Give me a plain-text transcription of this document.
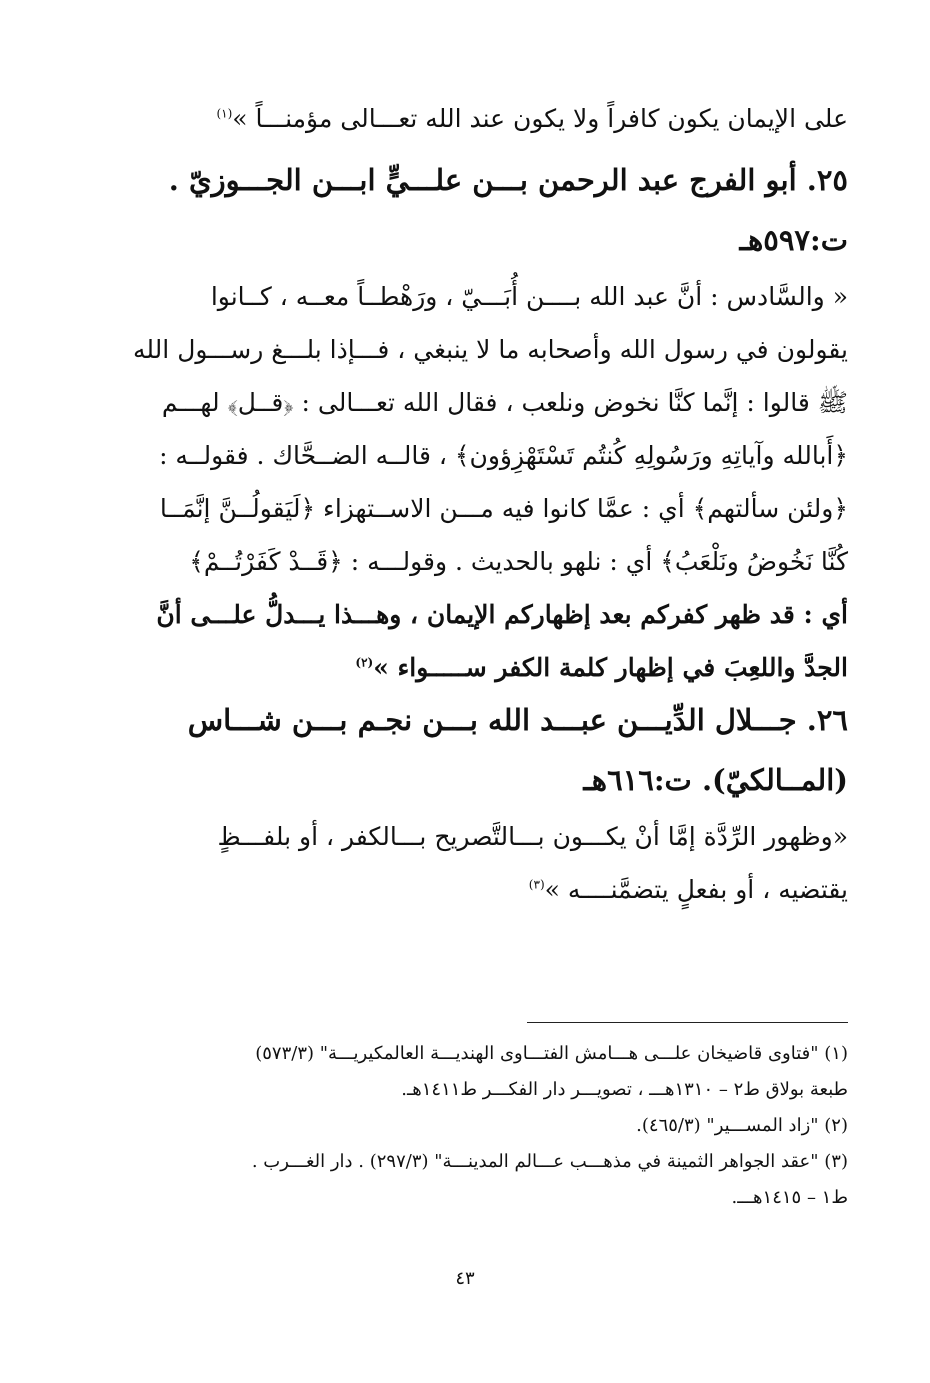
على الإيمان يكون كافراً ولا يكون عند الله تعـــالى مؤمنـــاً »$^{(١)}$

٢٥. أبو الفرج عبد الرحمن بـــن علـــيٍّ ابـــن الجـــوزيّ .

ت:٥٩٧هـ

« والسَّادس : أنَّ عبد الله بــــن أُبَـــيّ ، ورَهْطــاً معــه ، كــانوا

يقولون في رسول الله وأصحابه ما لا ينبغي ، فـــإذا بلـــغ رســـول الله

ﷺ قالوا : إنَّما كنَّا نخوض ونلعب ، فقال الله تعـــالى : ﴿قــل﴾ لهـــم

﴿أَبالله وآياتِهِ ورَسُولِهِ كُنتُم تَسْتَهْزِؤون﴾ ، قالــه الضــحَّاك . فقولــه :

﴿ولئن سألتهم﴾ أي : عمَّا كانوا فيه مـــن الاســتهزاء ﴿لَيَقولُــنَّ إنَّمَــا

كُنَّا نَخُوضُ ونَلْعَبُ﴾ أي : نلهو بالحديث . وقولـــه : ﴿قَــدْ كَفَرْتُــمْ﴾

أي : قد ظهر كفركم بعد إظهاركم الإيمان ، وهـــذا يـــدلُّ علـــى أنَّ

الجدَّ واللعِبَ في إظهار كلمة الكفر ســـــواء »$^{(٢)}$

٢٦. جـــلال الدِّيـــن عبـــد الله بـــن نجـم بـــن شـــاس

(المــالكيّ). ت:٦١٦هـ

«وظهور الرِّدَّة إمَّا أنْ يكـــون بـــالتَّصريح بـــالكفر ، أو بلفـــظٍ

يقتضيه ، أو بفعلٍ يتضمَّنــــه »$^{(٣)}$

(١) "فتاوى قاضيخان علـــى هـــامش الفتـــاوى الهنديـــة العالمكيريـــة" (٥٧٣/٣)

طبعة بولاق ط٢ – ١٣١٠هـــ ، تصويـــر دار الفكـــر ط١٤١١هـ.

(٢) "زاد المســـير" (٤٦٥/٣).

(٣) "عقد الجواهر الثمينة في مذهـــب عـــالم المدينـــة" (٢٩٧/٣) . دار الغـــرب .

ط١ – ١٤١٥هـــ.

٤٣
